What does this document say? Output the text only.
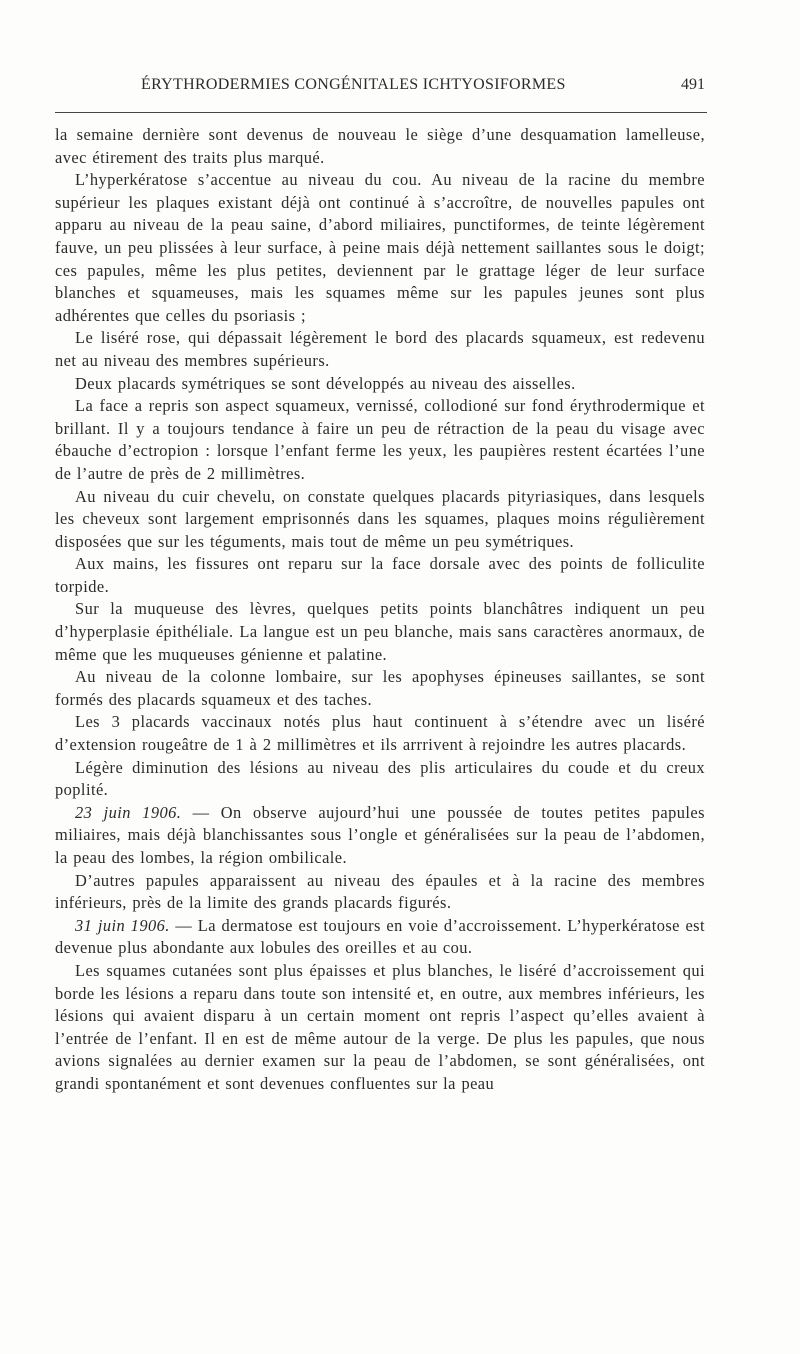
ÉRYTHRODERMIES CONGÉNITALES ICHTYOSIFORMES	491

la semaine dernière sont devenus de nouveau le siège d’une desquamation lamelleuse, avec étirement des traits plus marqué.

L’hyperkératose s’accentue au niveau du cou. Au niveau de la racine du membre supérieur les plaques existant déjà ont continué à s’accroître, de nouvelles papules ont apparu au niveau de la peau saine, d’abord miliaires, punctiformes, de teinte légèrement fauve, un peu plissées à leur surface, à peine mais déjà nettement saillantes sous le doigt; ces papules, même les plus petites, deviennent par le grattage léger de leur surface blanches et squameuses, mais les squames même sur les papules jeunes sont plus adhérentes que celles du psoriasis ;

Le liséré rose, qui dépassait légèrement le bord des placards squameux, est redevenu net au niveau des membres supérieurs.

Deux placards symétriques se sont développés au niveau des aisselles.

La face a repris son aspect squameux, vernissé, collodioné sur fond érythrodermique et brillant. Il y a toujours tendance à faire un peu de rétraction de la peau du visage avec ébauche d’ectropion : lorsque l’enfant ferme les yeux, les paupières restent écartées l’une de l’autre de près de 2 millimètres.

Au niveau du cuir chevelu, on constate quelques placards pityriasiques, dans lesquels les cheveux sont largement emprisonnés dans les squames, plaques moins régulièrement disposées que sur les téguments, mais tout de même un peu symétriques.

Aux mains, les fissures ont reparu sur la face dorsale avec des points de folliculite torpide.

Sur la muqueuse des lèvres, quelques petits points blanchâtres indiquent un peu d’hyperplasie épithéliale. La langue est un peu blanche, mais sans caractères anormaux, de même que les muqueuses génienne et palatine.

Au niveau de la colonne lombaire, sur les apophyses épineuses saillantes, se sont formés des placards squameux et des taches.

Les 3 placards vaccinaux notés plus haut continuent à s’étendre avec un liséré d’extension rougeâtre de 1 à 2 millimètres et ils arrrivent à rejoindre les autres placards.

Légère diminution des lésions au niveau des plis articulaires du coude et du creux poplité.

23 juin 1906. — On observe aujourd’hui une poussée de toutes petites papules miliaires, mais déjà blanchissantes sous l’ongle et généralisées sur la peau de l’abdomen, la peau des lombes, la région ombilicale.

D’autres papules apparaissent au niveau des épaules et à la racine des membres inférieurs, près de la limite des grands placards figurés.

31 juin 1906. — La dermatose est toujours en voie d’accroissement. L’hyperkératose est devenue plus abondante aux lobules des oreilles et au cou.

Les squames cutanées sont plus épaisses et plus blanches, le liséré d’accroissement qui borde les lésions a reparu dans toute son intensité et, en outre, aux membres inférieurs, les lésions qui avaient disparu à un certain moment ont repris l’aspect qu’elles avaient à l’entrée de l’enfant. Il en est de même autour de la verge. De plus les papules, que nous avions signalées au dernier examen sur la peau de l’abdomen, se sont généralisées, ont grandi spontanément et sont devenues confluentes sur la peau
